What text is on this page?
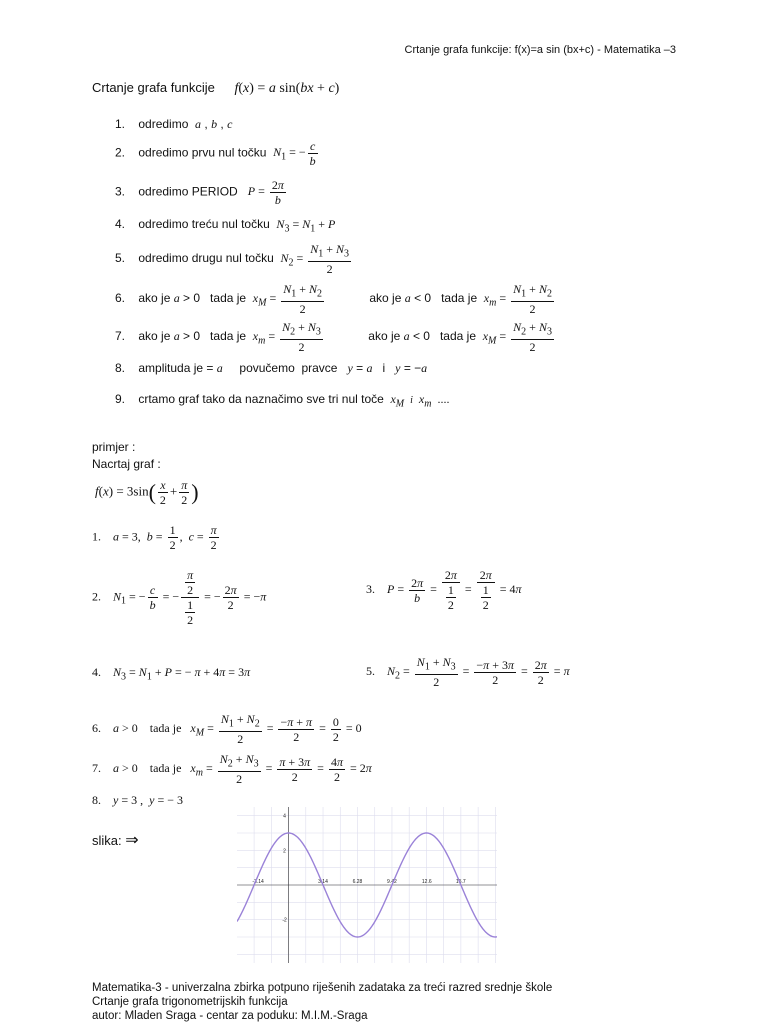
Crtanje grafa funkcije: f(x)=a sin (bx+c) - Matematika –3
Crtanje grafa funkcije f(x) = a sin(bx + c)
1.    odredimo  a , b , c
2.    odredimo prvu nul točku  $N_1$ = − $\frac{c}{b}$
3.    odredimo PERIOD   $P = \frac{2\pi}{b}$
4.    odredimo treću nul točku  $N_3 = N_1 + P$
5.    odredimo drugu nul točku  $N_2 = \frac{N_1 + N_3}{2}$
6.    ako je a > 0   tada je  $x_M = \frac{N_1 + N_2}{2}$	ako je a < 0   tada je  $x_m = \frac{N_1 + N_2}{2}$
7.    ako je a > 0   tada je  $x_m = \frac{N_2 + N_3}{2}$	ako je a < 0   tada je  $x_M = \frac{N_2 + N_3}{2}$
8.    amplituda je = a     povučemo  pravce   y = a   i   y = −a
9.    crtamo graf tako da naznačimo sve tri nul toče  $x_M$ i $x_m$  ....
primjer :
Nacrtaj graf :
$f(x) = 3\sin( \frac{x}{2} + \frac{\pi}{2}$ )
1.    a = 3,  $b = \frac{1}{2}$ ,  $c = \frac{\pi}{2}$
2.    $N_1$ = − $\frac{c}{b}$ = − π
2
1
2 = − $\frac{2\pi}{2} = -\pi$
3.    $P = \frac{2\pi}{b} = 2\pi$
1
2 = 2π
1
2 = 4π
4.    $N_3 = N_1 + P$ = − π + 4π = 3π	5.    $N_2 = \frac{N_1 + N_3}{2} = \frac{-\pi + 3\pi}{2} = \frac{2\pi}{2} = \pi$
6.    a > 0    tada je   $x_M = \frac{N_1 + N_2}{2} = \frac{-\pi + \pi}{2} = \frac{0}{2} = 0$
7.    a > 0    tada je   $x_m = \frac{N_2 + N_3}{2} = \frac{\pi + 3\pi}{2} = \frac{4\pi}{2} = 2\pi$
8.    y = 3 ,  y = − 3
slika: ⇒
3.14	6.28	9.42	12.6	15.7
-3.14
4
2
-2
Matematika-3 - univerzalna zbirka potpuno riješenih zadataka za treći razred srednje škole
Crtanje grafa trigonometrijskih funkcija
autor: Mladen Sraga - centar za poduku: M.I.M.-Sraga
